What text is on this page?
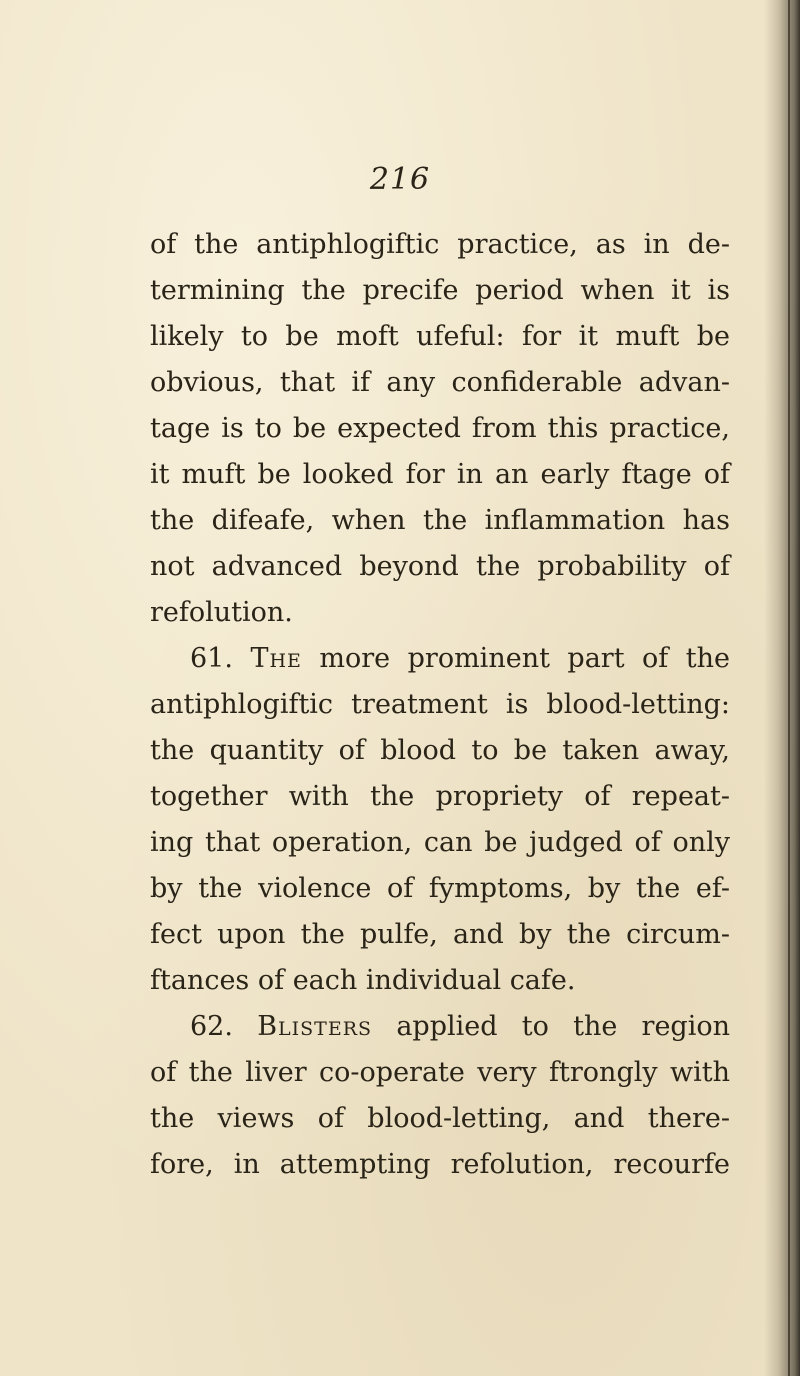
216
of the antiphlogiftic practice, as in de-
termining the precife period when it is
likely to be moft ufeful: for it muft be
obvious, that if any confiderable advan-
tage is to be expected from this practice,
it muft be looked for in an early ftage of
the difeafe, when the inflammation has
not advanced beyond the probability of
refolution.
61. The more prominent part of the
antiphlogiftic treatment is blood-letting:
the quantity of blood to be taken away,
together with the propriety of repeat-
ing that operation, can be judged of only
by the violence of fymptoms, by the ef-
fect upon the pulfe, and by the circum-
ftances of each individual cafe.
62. Blisters applied to the region
of the liver co-operate very ftrongly with
the views of blood-letting, and there-
fore, in attempting refolution, recourfe
